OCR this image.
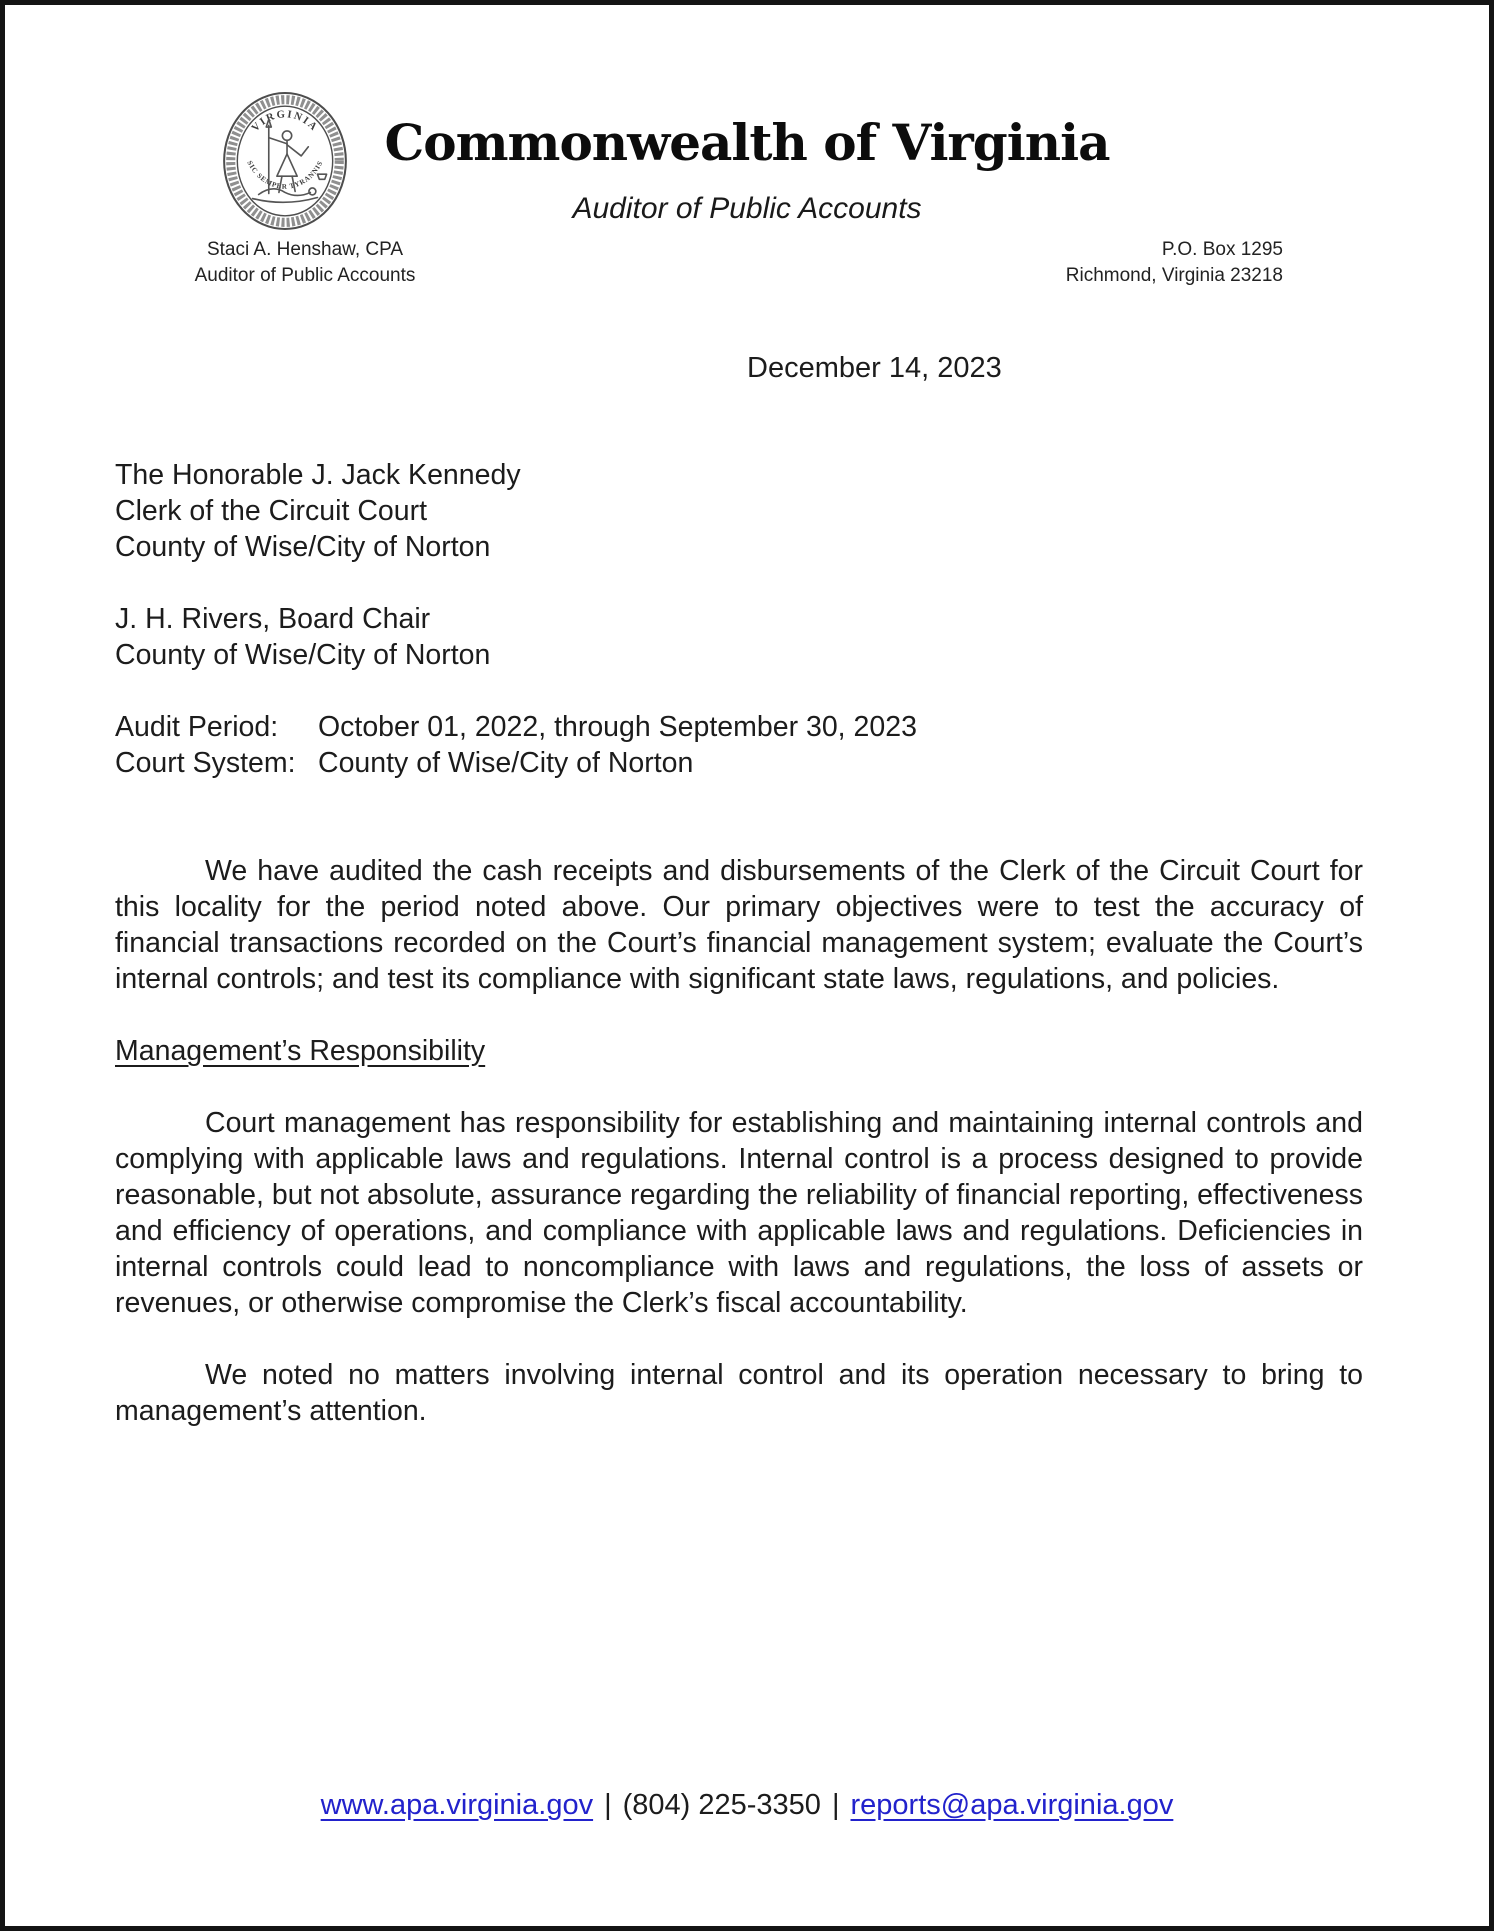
VIRGINIA
SIC SEMPER TYRANNIS	Commonwealth of Virginia
Auditor of Public Accounts
Staci A. Henshaw, CPA
Auditor of Public Accounts
P.O. Box 1295
Richmond, Virginia 23218
December 14, 2023
The Honorable J. Jack Kennedy
Clerk of the Circuit Court
County of Wise/City of Norton
J. H. Rivers, Board Chair
County of Wise/City of Norton
Audit Period: October 01, 2022, through September 30, 2023
Court System: County of Wise/City of Norton

We have audited the cash receipts and disbursements of the Clerk of the Circuit Court for this locality for the period noted above. Our primary objectives were to test the accuracy of financial transactions recorded on the Court’s financial management system; evaluate the Court’s internal controls; and test its compliance with significant state laws, regulations, and policies.

Management’s Responsibility

Court management has responsibility for establishing and maintaining internal controls and complying with applicable laws and regulations. Internal control is a process designed to provide reasonable, but not absolute, assurance regarding the reliability of financial reporting, effectiveness and efficiency of operations, and compliance with applicable laws and regulations. Deficiencies in internal controls could lead to noncompliance with laws and regulations, the loss of assets or revenues, or otherwise compromise the Clerk’s fiscal accountability.

We noted no matters involving internal control and its operation necessary to bring to management’s attention.

www.apa.virginia.gov | (804) 225-3350 | reports@apa.virginia.gov
